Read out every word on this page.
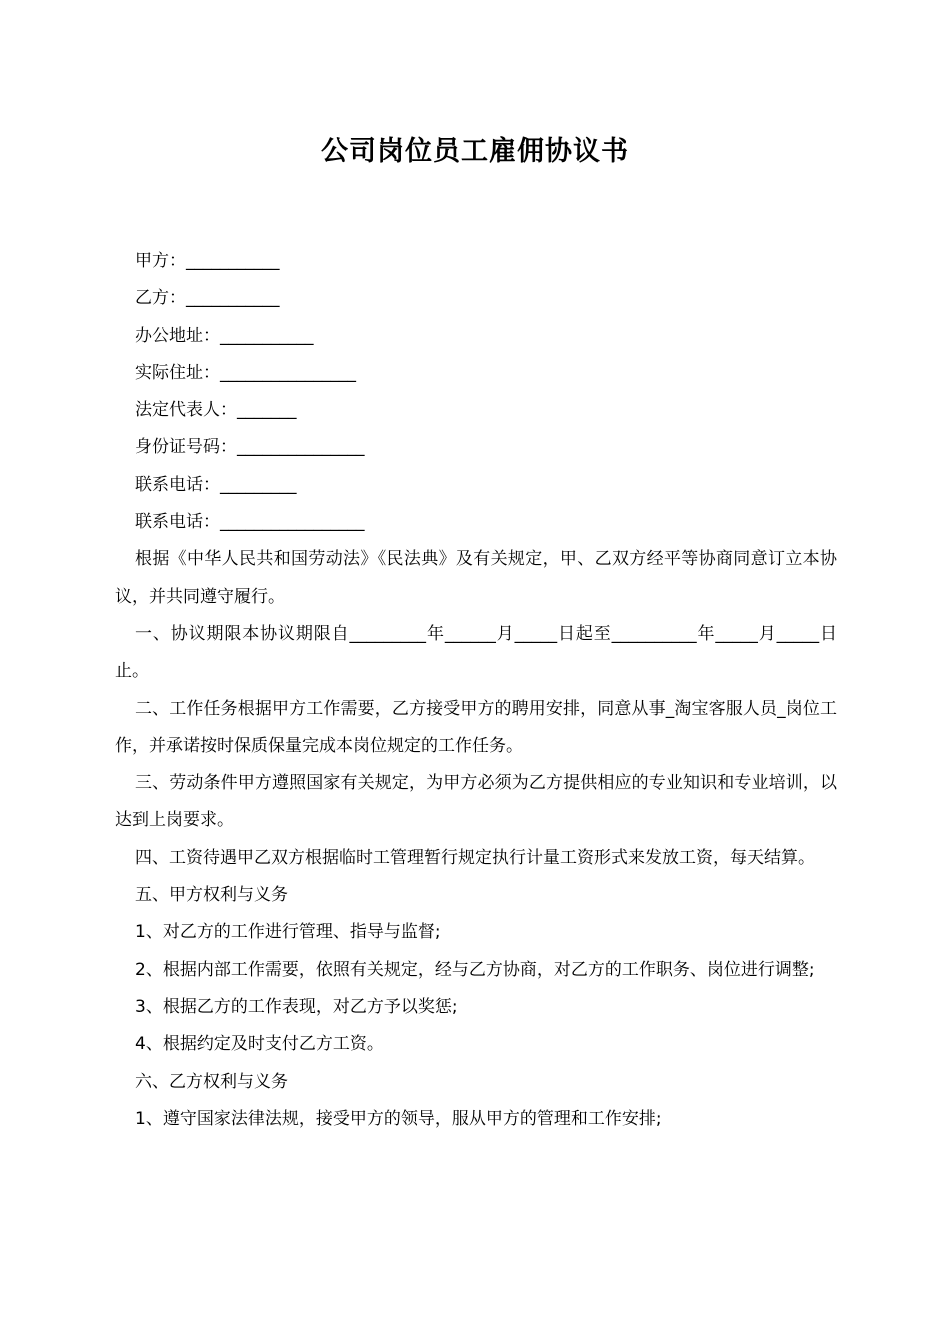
公司岗位员工雇佣协议书

甲方：___________

乙方：___________

办公地址：___________

实际住址：________________

法定代表人：_______

身份证号码：_______________

联系电话：_________

联系电话：_________________

根据《中华人民共和国劳动法》《民法典》及有关规定，甲、乙双方经平等协商同意订立本协议，并共同遵守履行。

一、协议期限本协议期限自_________年______月_____日起至__________年_____月_____日止。

二、工作任务根据甲方工作需要，乙方接受甲方的聘用安排，同意从事_淘宝客服人员_岗位工作，并承诺按时保质保量完成本岗位规定的工作任务。

三、劳动条件甲方遵照国家有关规定，为甲方必须为乙方提供相应的专业知识和专业培训，以达到上岗要求。

四、工资待遇甲乙双方根据临时工管理暂行规定执行计量工资形式来发放工资，每天结算。

五、甲方权利与义务

1、对乙方的工作进行管理、指导与监督;

2、根据内部工作需要，依照有关规定，经与乙方协商，对乙方的工作职务、岗位进行调整;

3、根据乙方的工作表现，对乙方予以奖惩;

4、根据约定及时支付乙方工资。

六、乙方权利与义务

1、遵守国家法律法规，接受甲方的领导，服从甲方的管理和工作安排;
